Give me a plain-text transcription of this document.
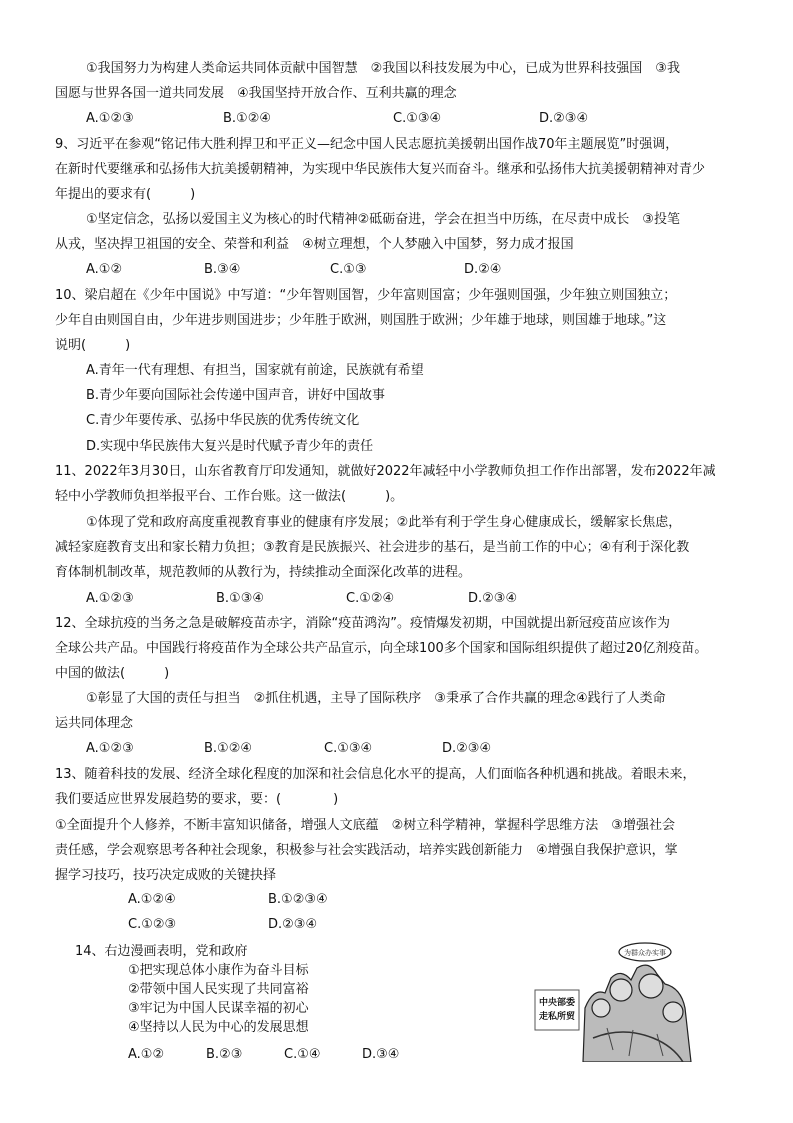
①我国努力为构建人类命运共同体贡献中国智慧　②我国以科技发展为中心，已成为世界科技强国　③我
国愿与世界各国一道共同发展　④我国坚持开放合作、互利共赢的理念
A.①②③	B.①②④	C.①③④	D.②③④
9、习近平在参观“铭记伟大胜利捍卫和平正义—纪念中国人民志愿抗美援朝出国作战70年主题展览”时强调，
在新时代要继承和弘扬伟大抗美援朝精神，为实现中华民族伟大复兴而奋斗。继承和弘扬伟大抗美援朝精神对青少
年提出的要求有(　　　)
①坚定信念，弘扬以爱国主义为核心的时代精神②砥砺奋进，学会在担当中历练，在尽责中成长　③投笔
从戎，坚决捍卫祖国的安全、荣誉和利益　④树立理想，个人梦融入中国梦，努力成才报国
A.①②	B.③④	C.①③	D.②④
10、梁启超在《少年中国说》中写道：“少年智则国智，少年富则国富；少年强则国强，少年独立则国独立；
少年自由则国自由，少年进步则国进步；少年胜于欧洲，则国胜于欧洲；少年雄于地球，则国雄于地球。”这
说明(　　　)
A.青年一代有理想、有担当，国家就有前途，民族就有希望
B.青少年要向国际社会传递中国声音，讲好中国故事
C.青少年要传承、弘扬中华民族的优秀传统文化
D.实现中华民族伟大复兴是时代赋予青少年的责任
11、2022年3月30日，山东省教育厅印发通知，就做好2022年减轻中小学教师负担工作作出部署，发布2022年减
轻中小学教师负担举报平台、工作台账。这一做法(　　　)。
①体现了党和政府高度重视教育事业的健康有序发展；②此举有利于学生身心健康成长，缓解家长焦虑，
减轻家庭教育支出和家长精力负担；③教育是民族振兴、社会进步的基石，是当前工作的中心；④有利于深化教
育体制机制改革，规范教师的从教行为，持续推动全面深化改革的进程。
A.①②③	B.①③④	C.①②④	D.②③④
12、全球抗疫的当务之急是破解疫苗赤字，消除“疫苗鸿沟”。疫情爆发初期，中国就提出新冠疫苗应该作为
全球公共产品。中国践行将疫苗作为全球公共产品宣示，向全球100多个国家和国际组织提供了超过20亿剂疫苗。
中国的做法(　　　)
①彰显了大国的责任与担当　②抓住机遇，主导了国际秩序　③秉承了合作共赢的理念④践行了人类命
运共同体理念
A.①②③	B.①②④	C.①③④	D.②③④
13、随着科技的发展、经济全球化程度的加深和社会信息化水平的提高，人们面临各种机遇和挑战。着眼未来，
我们要适应世界发展趋势的要求，要：(　　　　)
①全面提升个人修养，不断丰富知识储备，增强人文底蕴　②树立科学精神，掌握科学思维方法　③增强社会
责任感，学会观察思考各种社会现象，积极参与社会实践活动，培养实践创新能力　④增强自我保护意识，掌
握学习技巧，技巧决定成败的关键抉择
A.①②④	B.①②③④
C.①②③	D.②③④
14、右边漫画表明，党和政府
①把实现总体小康作为奋斗目标
②带领中国人民实现了共同富裕
③牢记为中国人民谋幸福的初心
④坚持以人民为中心的发展思想
A.①②	B.②③	C.①④	D.③④
为群众办实事
中央部委
走私所贸
